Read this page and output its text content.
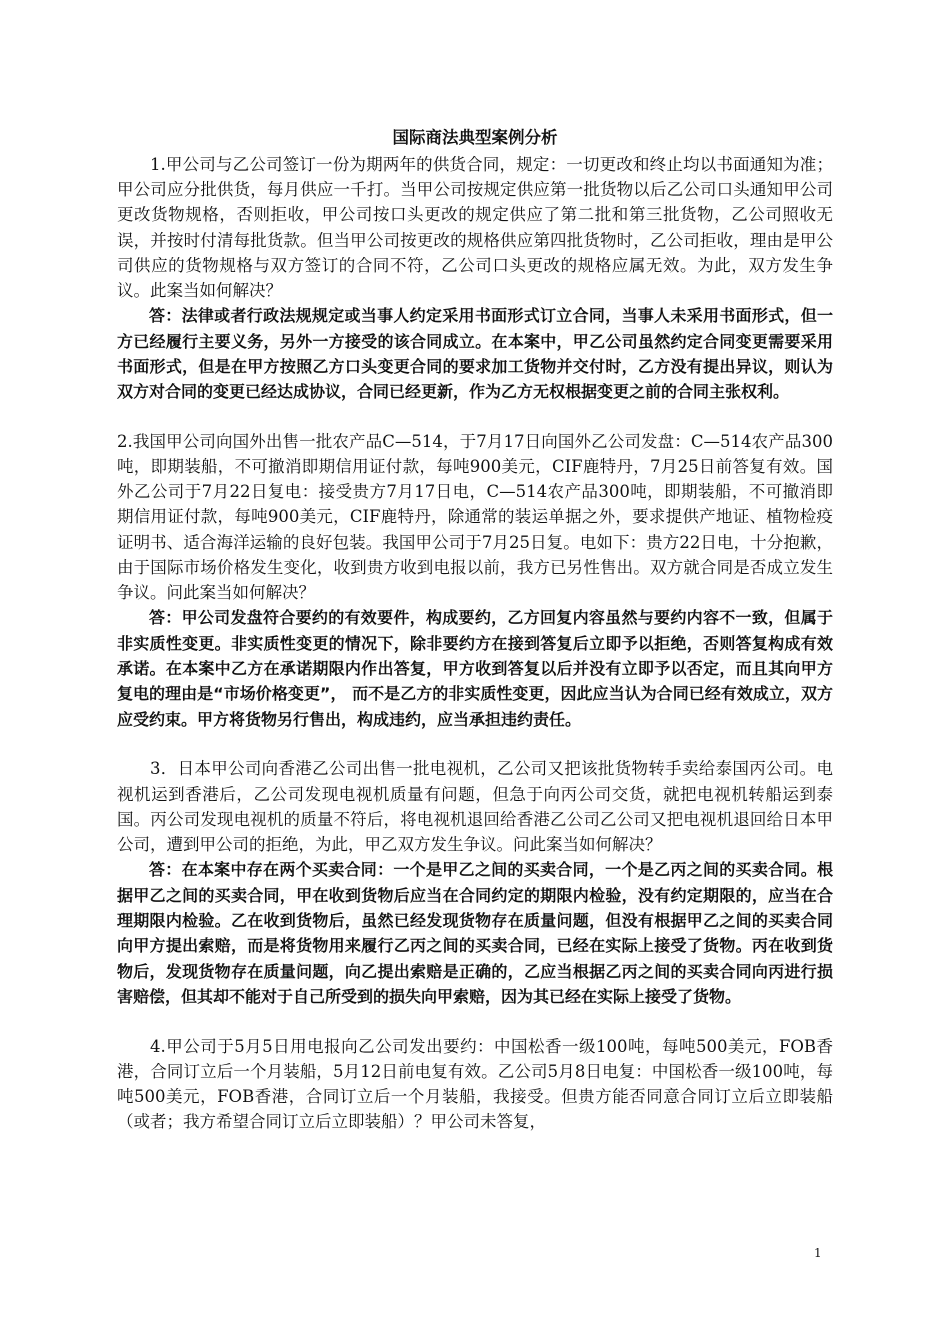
国际商法典型案例分析

1.甲公司与乙公司签订一份为期两年的供货合同，规定：一切更改和终止均以书面通知为准；甲公司应分批供货，每月供应一千打。当甲公司按规定供应第一批货物以后乙公司口头通知甲公司更改货物规格，否则拒收，甲公司按口头更改的规定供应了第二批和第三批货物，乙公司照收无误，并按时付清每批货款。但当甲公司按更改的规格供应第四批货物时，乙公司拒收，理由是甲公司供应的货物规格与双方签订的合同不符，乙公司口头更改的规格应属无效。为此，双方发生争议。此案当如何解决？

答：法律或者行政法规规定或当事人约定采用书面形式订立合同，当事人未采用书面形式，但一方已经履行主要义务，另外一方接受的该合同成立。在本案中，甲乙公司虽然约定合同变更需要采用书面形式，但是在甲方按照乙方口头变更合同的要求加工货物并交付时，乙方没有提出异议，则认为双方对合同的变更已经达成协议，合同已经更新，作为乙方无权根据变更之前的合同主张权利。

2.我国甲公司向国外出售一批农产品C—514，于7月17日向国外乙公司发盘：C—514农产品300吨，即期装船，不可撤消即期信用证付款，每吨900美元，CIF鹿特丹，7月25日前答复有效。国外乙公司于7月22日复电：接受贵方7月17日电，C—514农产品300吨，即期装船，不可撤消即期信用证付款，每吨900美元，CIF鹿特丹，除通常的装运单据之外，要求提供产地证、植物检疫证明书、适合海洋运输的良好包装。我国甲公司于7月25日复。电如下：贵方22日电，十分抱歉，由于国际市场价格发生变化，收到贵方收到电报以前，我方已另性售出。双方就合同是否成立发生争议。问此案当如何解决？

答：甲公司发盘符合要约的有效要件，构成要约，乙方回复内容虽然与要约内容不一致，但属于非实质性变更。非实质性变更的情况下，除非要约方在接到答复后立即予以拒绝，否则答复构成有效承诺。在本案中乙方在承诺期限内作出答复，甲方收到答复以后并没有立即予以否定，而且其向甲方复电的理由是“市场价格变更”， 而不是乙方的非实质性变更，因此应当认为合同已经有效成立，双方应受约束。甲方将货物另行售出，构成违约，应当承担违约责任。

3．日本甲公司向香港乙公司出售一批电视机，乙公司又把该批货物转手卖给泰国丙公司。电视机运到香港后，乙公司发现电视机质量有问题，但急于向丙公司交货，就把电视机转船运到泰国。丙公司发现电视机的质量不符后，将电视机退回给香港乙公司乙公司又把电视机退回给日本甲公司，遭到甲公司的拒绝，为此，甲乙双方发生争议。问此案当如何解决？

答：在本案中存在两个买卖合同：一个是甲乙之间的买卖合同，一个是乙丙之间的买卖合同。根据甲乙之间的买卖合同，甲在收到货物后应当在合同约定的期限内检验，没有约定期限的，应当在合理期限内检验。乙在收到货物后，虽然已经发现货物存在质量问题，但没有根据甲乙之间的买卖合同向甲方提出索赔，而是将货物用来履行乙丙之间的买卖合同，已经在实际上接受了货物。丙在收到货物后，发现货物存在质量问题，向乙提出索赔是正确的，乙应当根据乙丙之间的买卖合同向丙进行损害赔偿，但其却不能对于自己所受到的损失向甲索赔，因为其已经在实际上接受了货物。

4.甲公司于5月5日用电报向乙公司发出要约：中国松香一级100吨，每吨500美元，FOB香港，合同订立后一个月装船，5月12日前电复有效。乙公司5月8日电复：中国松香一级100吨，每吨500美元，FOB香港，合同订立后一个月装船，我接受。但贵方能否同意合同订立后立即装船（或者；我方希望合同订立后立即装船）？甲公司未答复，

1
